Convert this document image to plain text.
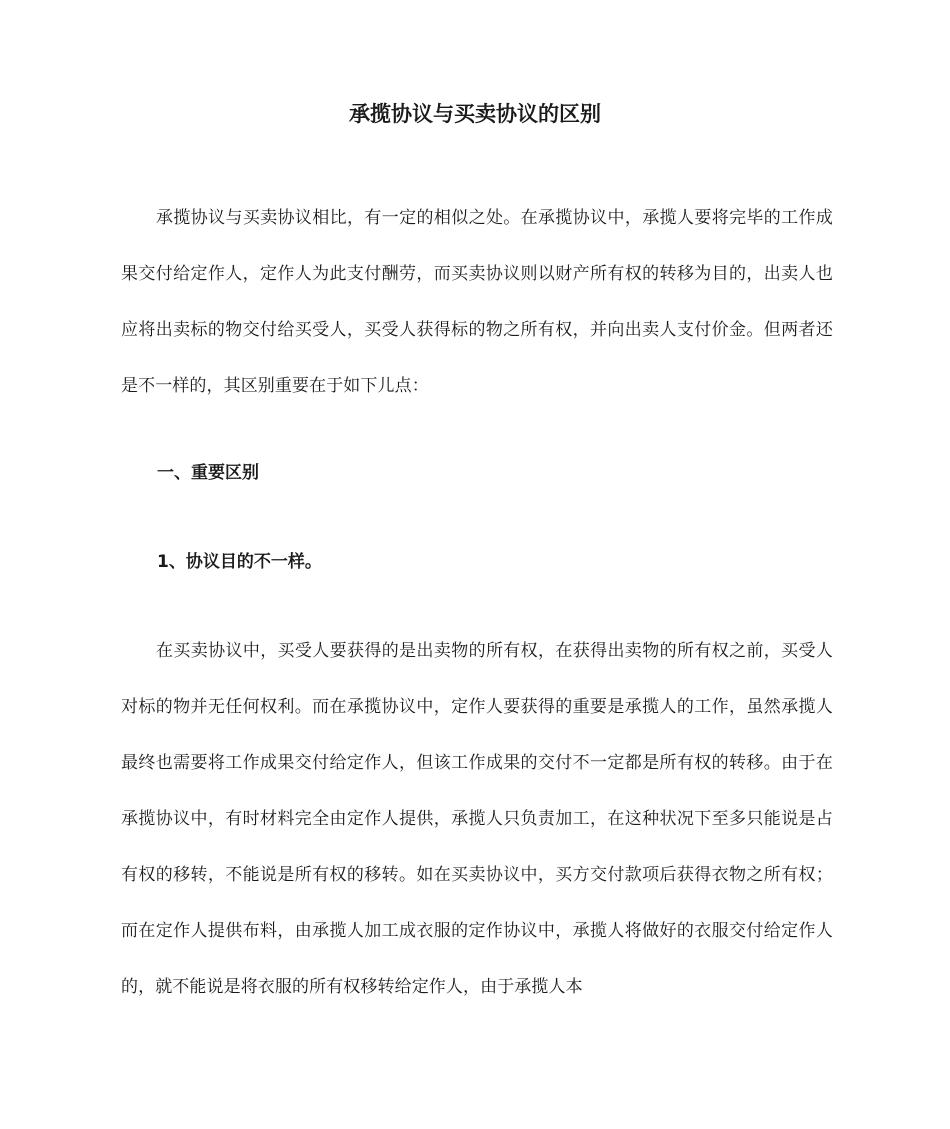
承揽协议与买卖协议的区别

承揽协议与买卖协议相比，有一定的相似之处。在承揽协议中，承揽人要将完毕的工作成果交付给定作人，定作人为此支付酬劳，而买卖协议则以财产所有权的转移为目的，出卖人也应将出卖标的物交付给买受人，买受人获得标的物之所有权，并向出卖人支付价金。但两者还是不一样的，其区别重要在于如下儿点：

一、重要区别
1、协议目的不一样。

在买卖协议中，买受人要获得的是出卖物的所有权，在获得出卖物的所有权之前，买受人对标的物并无任何权利。而在承揽协议中，定作人要获得的重要是承揽人的工作，虽然承揽人最终也需要将工作成果交付给定作人，但该工作成果的交付不一定都是所有权的转移。由于在承揽协议中，有时材料完全由定作人提供，承揽人只负责加工，在这种状况下至多只能说是占有权的移转，不能说是所有权的移转。如在买卖协议中，买方交付款项后获得衣物之所有权；而在定作人提供布料，由承揽人加工成衣服的定作协议中，承揽人将做好的衣服交付给定作人的，就不能说是将衣服的所有权移转给定作人，由于承揽人本
